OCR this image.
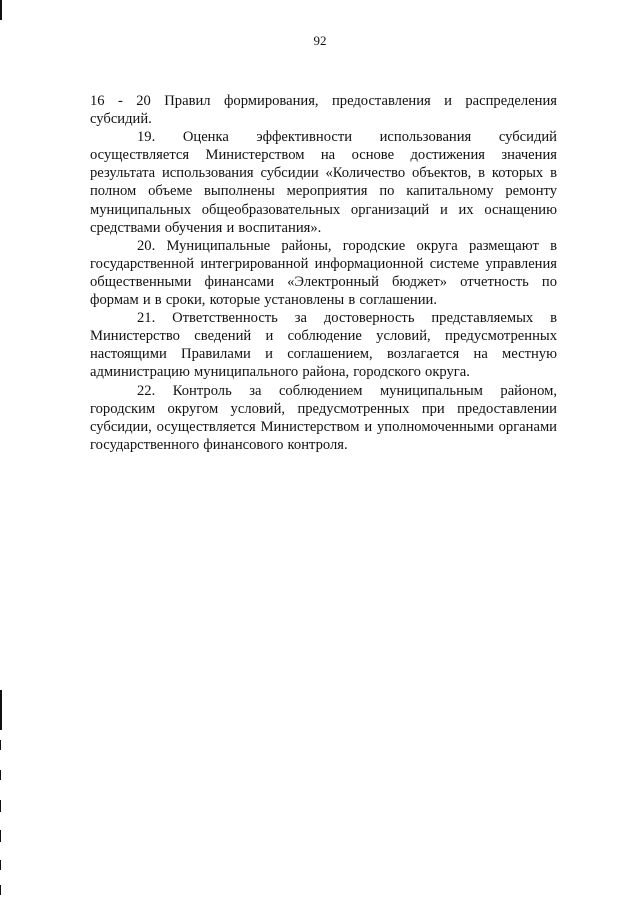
92

16 - 20 Правил формирования, предоставления и распределения субсидий.

19. Оценка эффективности использования субсидий осуществляется Министерством на основе достижения значения результата использования субсидии «Количество объектов, в которых в полном объеме выполнены мероприятия по капитальному ремонту муниципальных общеобразовательных организаций и их оснащению средствами обучения и воспитания».

20. Муниципальные районы, городские округа размещают в государственной интегрированной информационной системе управления общественными финансами «Электронный бюджет» отчетность по формам и в сроки, которые установлены в соглашении.

21. Ответственность за достоверность представляемых в Министерство сведений и соблюдение условий, предусмотренных настоящими Правилами и соглашением, возлагается на местную администрацию муниципального района, городского округа.

22. Контроль за соблюдением муниципальным районом, городским округом условий, предусмотренных при предоставлении субсидии, осуществляется Министерством и уполномоченными органами государственного финансового контроля.
